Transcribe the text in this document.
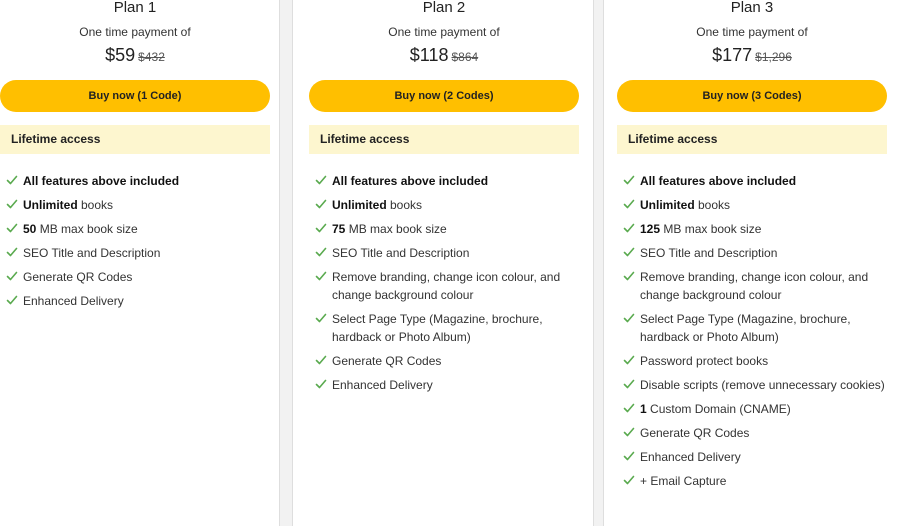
Plan 1
One time payment of
$59 $432
Buy now (1 Code)
Lifetime access
All features above included
Unlimited books
50 MB max book size
SEO Title and Description
Generate QR Codes
Enhanced Delivery
Plan 2
One time payment of
$118 $864
Buy now (2 Codes)
Lifetime access
All features above included
Unlimited books
75 MB max book size
SEO Title and Description
Remove branding, change icon colour, and change background colour
Select Page Type (Magazine, brochure, hardback or Photo Album)
Generate QR Codes
Enhanced Delivery
Plan 3
One time payment of
$177 $1,296
Buy now (3 Codes)
Lifetime access
All features above included
Unlimited books
125 MB max book size
SEO Title and Description
Remove branding, change icon colour, and change background colour
Select Page Type (Magazine, brochure, hardback or Photo Album)
Password protect books
Disable scripts (remove unnecessary cookies)
1 Custom Domain (CNAME)
Generate QR Codes
Enhanced Delivery
+ Email Capture
